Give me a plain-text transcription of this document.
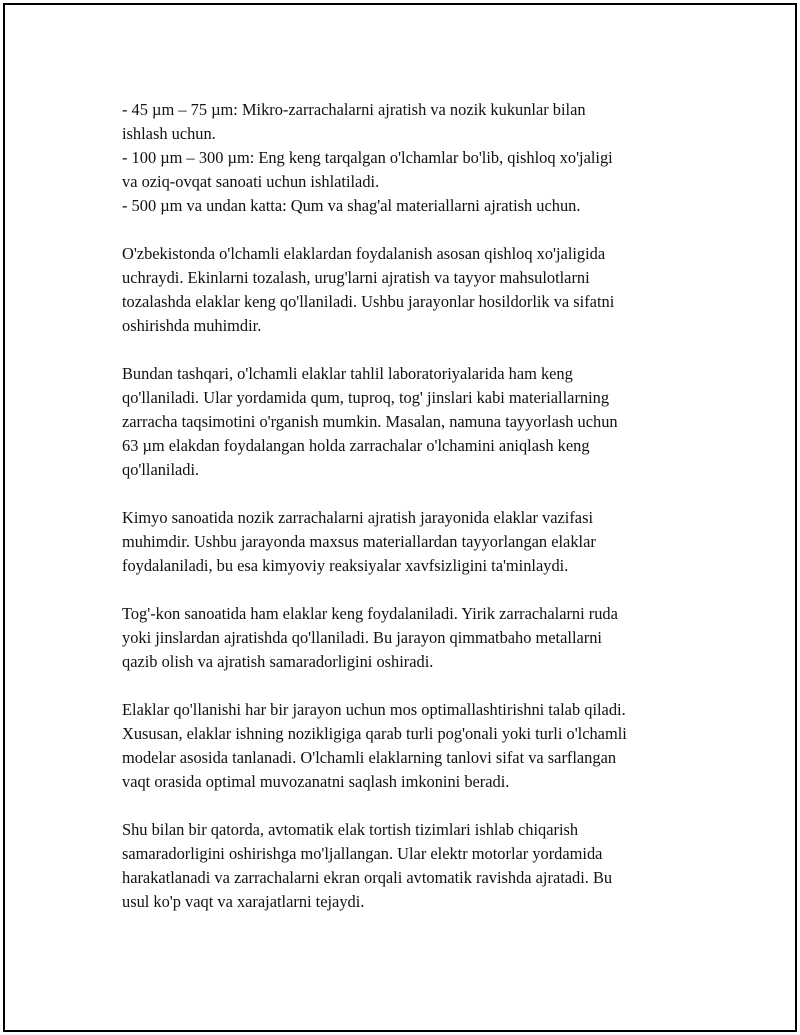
- 45 µm – 75 µm: Mikro-zarrachalarni ajratish va nozik kukunlar bilan
ishlash uchun.
- 100 µm – 300 µm: Eng keng tarqalgan o'lchamlar bo'lib, qishloq xo'jaligi
va oziq-ovqat sanoati uchun ishlatiladi.
- 500 µm va undan katta: Qum va shag'al materiallarni ajratish uchun.

O'zbekistonda o'lchamli elaklardan foydalanish asosan qishloq xo'jaligida
uchraydi. Ekinlarni tozalash, urug'larni ajratish va tayyor mahsulotlarni
tozalashda elaklar keng qo'llaniladi. Ushbu jarayonlar hosildorlik va sifatni
oshirishda muhimdir.

Bundan tashqari, o'lchamli elaklar tahlil laboratoriyalarida ham keng
qo'llaniladi. Ular yordamida qum, tuproq, tog' jinslari kabi materiallarning
zarracha taqsimotini o'rganish mumkin. Masalan, namuna tayyorlash uchun
63 µm elakdan foydalangan holda zarrachalar o'lchamini aniqlash keng
qo'llaniladi.

Kimyo sanoatida nozik zarrachalarni ajratish jarayonida elaklar vazifasi
muhimdir. Ushbu jarayonda maxsus materiallardan tayyorlangan elaklar
foydalaniladi, bu esa kimyoviy reaksiyalar xavfsizligini ta'minlaydi.

Tog'-kon sanoatida ham elaklar keng foydalaniladi. Yirik zarrachalarni ruda
yoki jinslardan ajratishda qo'llaniladi. Bu jarayon qimmatbaho metallarni
qazib olish va ajratish samaradorligini oshiradi.

Elaklar qo'llanishi har bir jarayon uchun mos optimallashtirishni talab qiladi.
Xususan, elaklar ishning nozikligiga qarab turli pog'onali yoki turli o'lchamli
modelar asosida tanlanadi. O'lchamli elaklarning tanlovi sifat va sarflangan
vaqt orasida optimal muvozanatni saqlash imkonini beradi.

Shu bilan bir qatorda, avtomatik elak tortish tizimlari ishlab chiqarish
samaradorligini oshirishga mo'ljallangan. Ular elektr motorlar yordamida
harakatlanadi va zarrachalarni ekran orqali avtomatik ravishda ajratadi. Bu
usul ko'p vaqt va xarajatlarni tejaydi.
